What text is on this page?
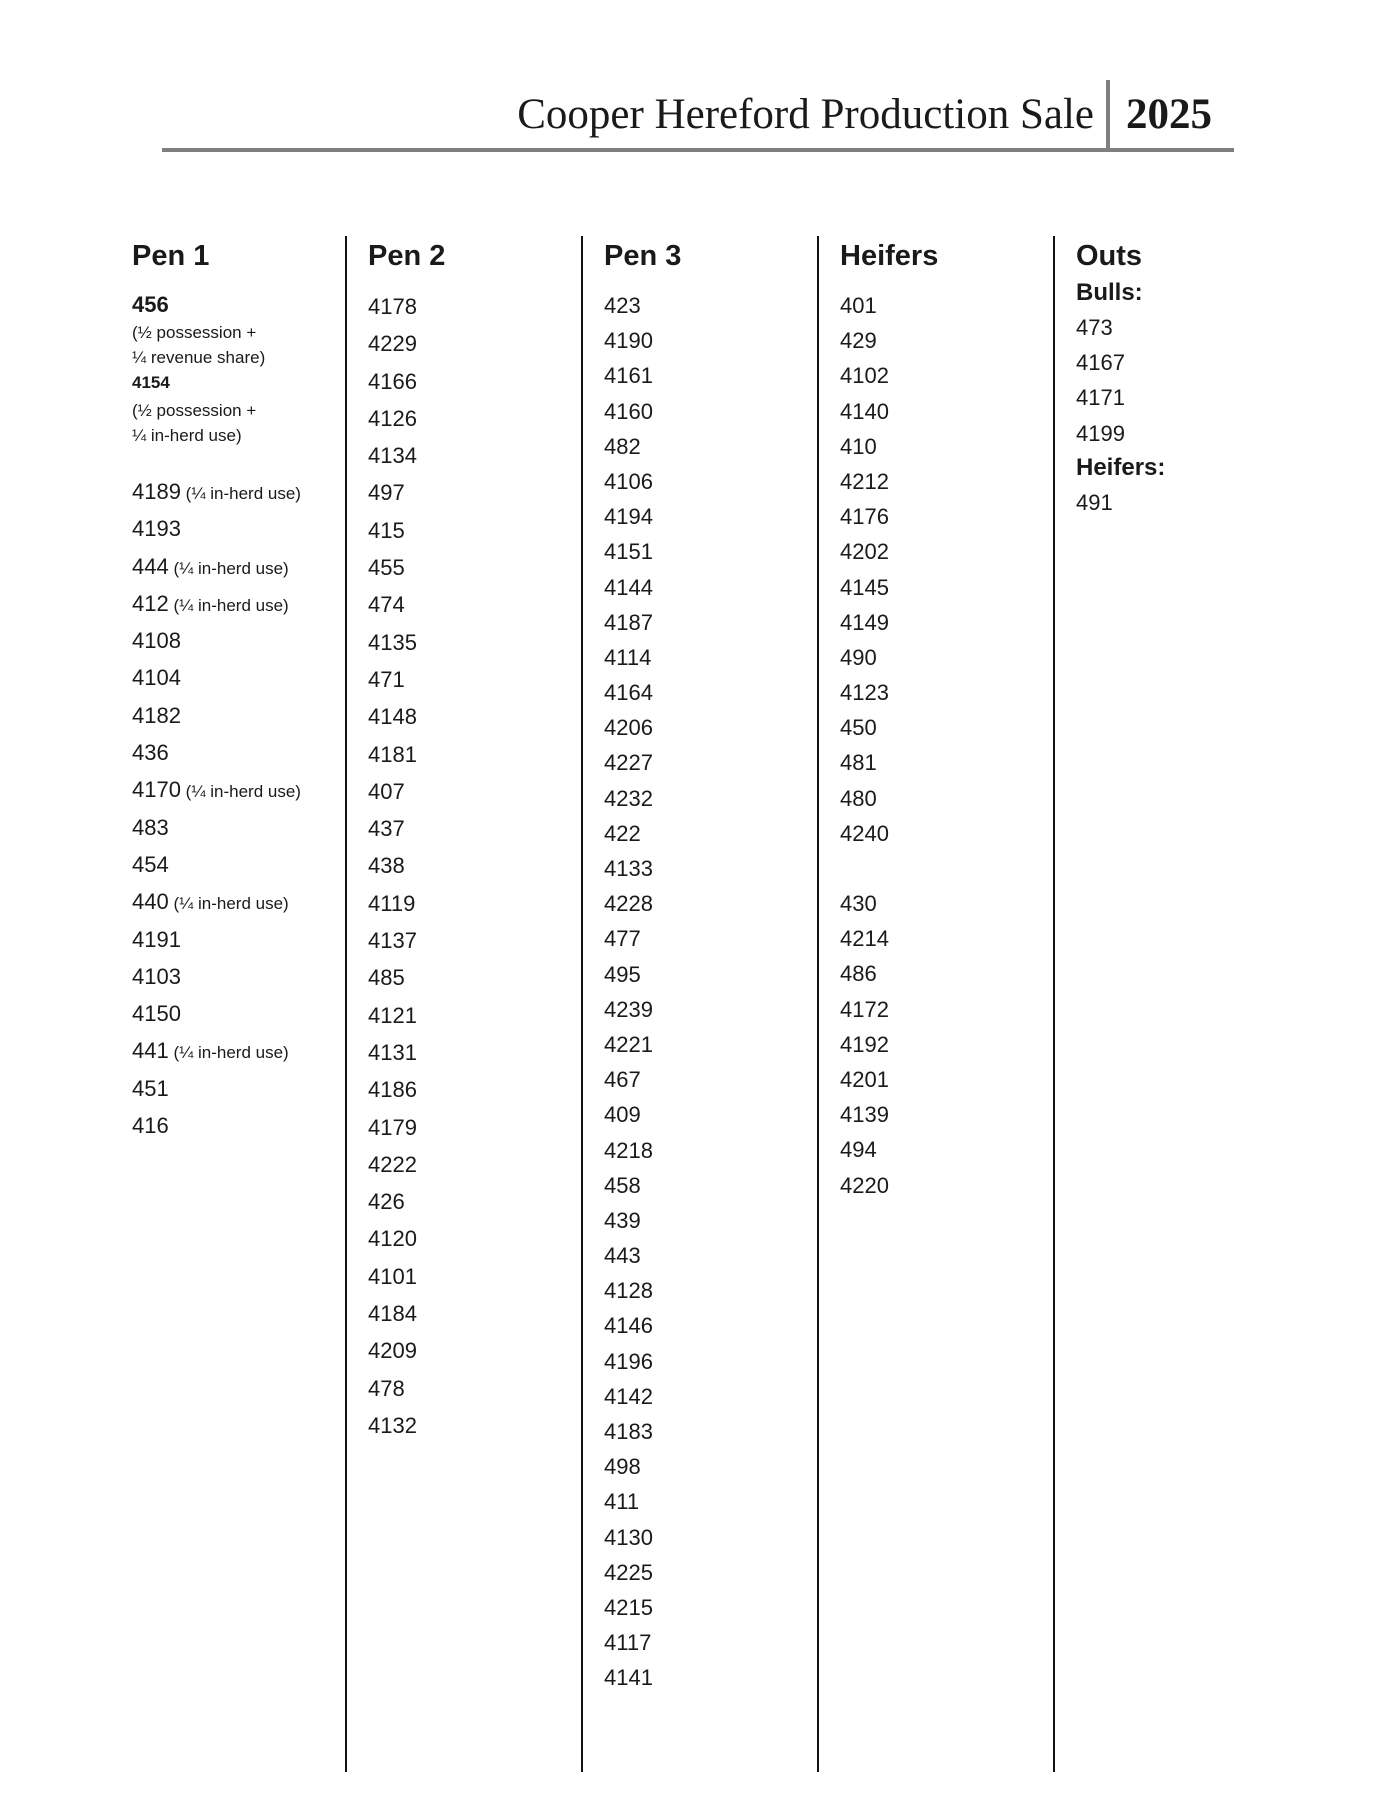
Cooper Hereford Production Sale 2025
Pen 1
456
(½ possession +
¼ revenue share)
4154
(½ possession +
¼ in-herd use)
4189 (¼ in-herd use)
4193
444 (¼ in-herd use)
412 (¼ in-herd use)
4108
4104
4182
436
4170 (¼ in-herd use)
483
454
440 (¼ in-herd use)
4191
4103
4150
441 (¼ in-herd use)
451
416
Pen 2
4178
4229
4166
4126
4134
497
415
455
474
4135
471
4148
4181
407
437
438
4119
4137
485
4121
4131
4186
4179
4222
426
4120
4101
4184
4209
478
4132
Pen 3
423
4190
4161
4160
482
4106
4194
4151
4144
4187
4114
4164
4206
4227
4232
422
4133
4228
477
495
4239
4221
467
409
4218
458
439
443
4128
4146
4196
4142
4183
498
411
4130
4225
4215
4117
4141
Heifers
401
429
4102
4140
410
4212
4176
4202
4145
4149
490
4123
450
481
480
4240
430
4214
486
4172
4192
4201
4139
494
4220
Outs
Bulls:
473
4167
4171
4199
Heifers:
491
